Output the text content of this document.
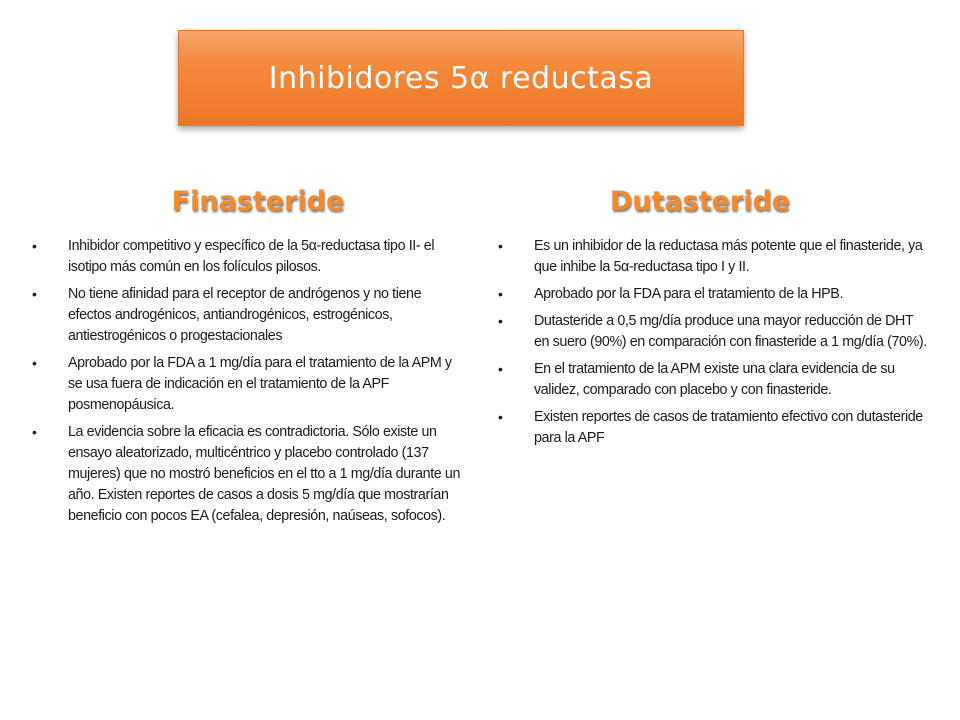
Inhibidores 5α reductasa
Finasteride	Dutasteride
• Inhibidor competitivo y específico de la 5α-reductasa tipo II- el isotipo más común en los folículos pilosos.
• No tiene afinidad para el receptor de andrógenos y no tiene efectos androgénicos, antiandrogénicos, estrogénicos, antiestrogénicos o progestacionales
• Aprobado por la FDA a 1 mg/día para el tratamiento de la APM y se usa fuera de indicación en el tratamiento de la APF posmenopáusica.
• La evidencia sobre la eficacia es contradictoria. Sólo existe un ensayo aleatorizado, multicéntrico y placebo controlado (137 mujeres) que no mostró beneficios en el tto a 1 mg/día durante un año. Existen reportes de casos a dosis 5 mg/día que mostrarían beneficio con pocos EA (cefalea, depresión, naúseas, sofocos).
• Es un inhibidor de la reductasa más potente que el finasteride, ya que inhibe la 5α-reductasa tipo I y II.
• Aprobado por la FDA para el tratamiento de la HPB.
• Dutasteride a 0,5 mg/día produce una mayor reducción de DHT en suero (90%) en comparación con finasteride a 1 mg/día (70%).
• En el tratamiento de la APM existe una clara evidencia de su validez, comparado con placebo y con finasteride.
• Existen reportes de casos de tratamiento efectivo con dutasteride para la APF
